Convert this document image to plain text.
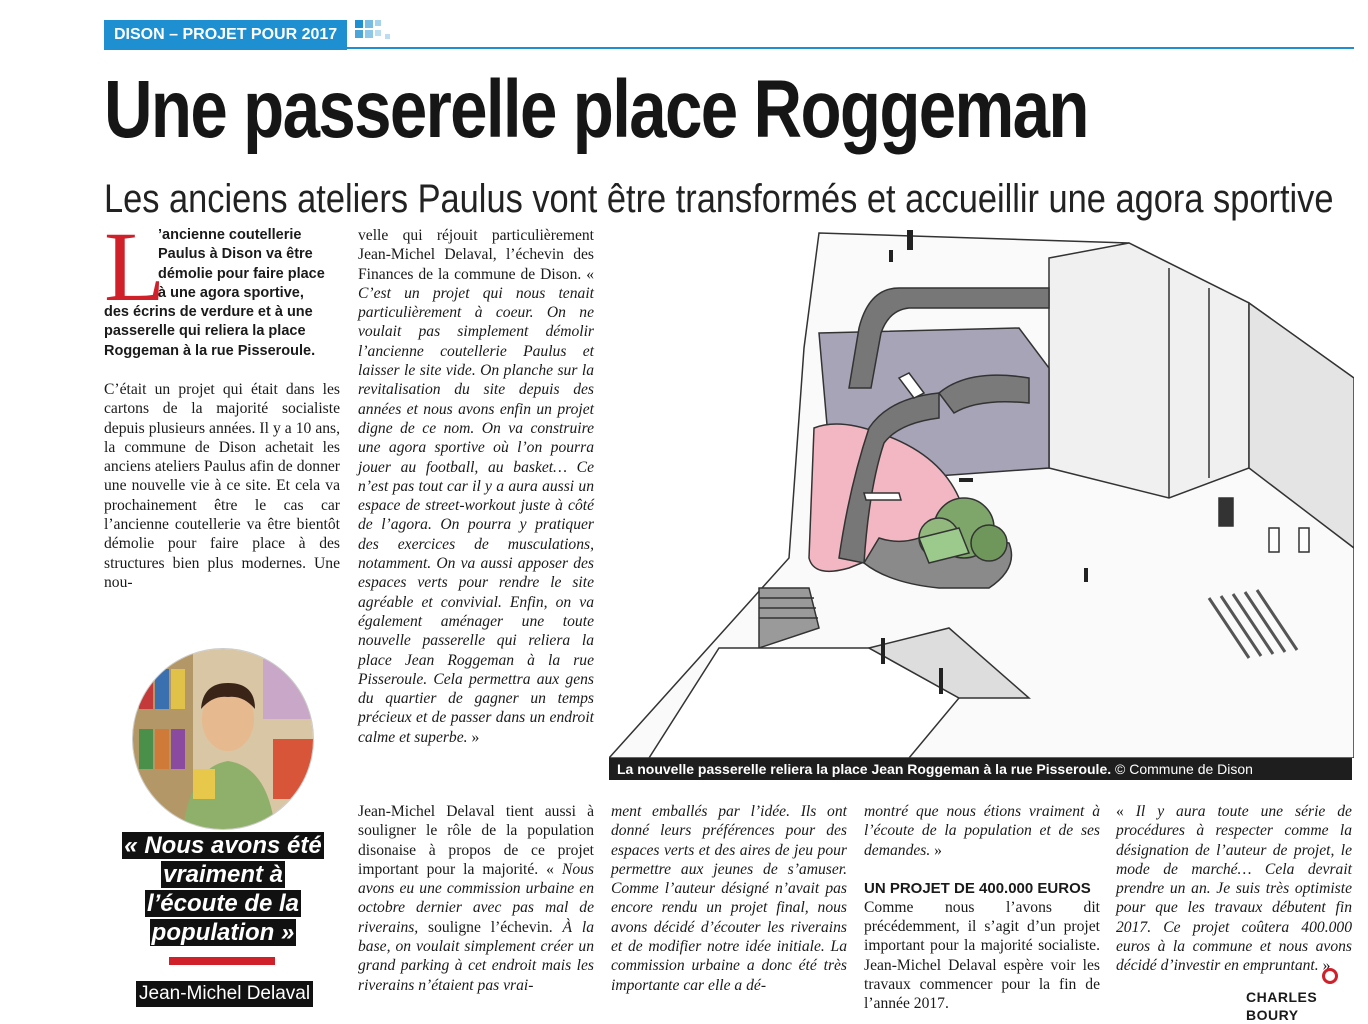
DISON – PROJET POUR 2017
Une passerelle place Roggeman
Les anciens ateliers Paulus vont être transformés et accueillir une agora sportive
L
’ancienne coutellerie Paulus à Dison va être démolie pour faire place à une agora sportive,
des écrins de verdure et à une passerelle qui reliera la place Roggeman à la rue Pisseroule.

C’était un projet qui était dans les cartons de la majorité socialiste depuis plusieurs années. Il y a 10 ans, la commune de Dison achetait les anciens ateliers Paulus afin de donner une nouvelle vie à ce site. Et cela va prochainement être le cas car l’ancienne coutellerie va être bientôt démolie pour faire place à des structures bien plus modernes. Une nou-

velle qui réjouit particulièrement Jean-Michel Delaval, l’échevin des Finances de la commune de Dison. « C’est un projet qui nous tenait particulièrement à coeur. On ne voulait pas simplement démolir l’ancienne coutellerie Paulus et laisser le site vide. On planche sur la revitalisation du site depuis des années et nous avons enfin un projet digne de ce nom. On va construire une agora sportive où l’on pourra jouer au football, au basket… Ce n’est pas tout car il y a aura aussi un espace de street-workout juste à côté de l’agora. On pourra y pratiquer des exercices de musculations, notamment. On va aussi apposer des espaces verts pour rendre le site agréable et convivial. Enfin, on va également aménager une toute nouvelle passerelle qui reliera la place Jean Roggeman à la rue Pisseroule. Cela permettra aux gens du quartier de gagner un temps précieux et de passer dans un endroit calme et superbe. »

Jean-Michel Delaval tient aussi à souligner le rôle de la population disonaise à propos de ce projet important pour la majorité. « Nous avons eu une commission urbaine en octobre dernier avec pas mal de riverains, souligne l’échevin. À la base, on voulait simplement créer un grand parking à cet endroit mais les riverains n’étaient pas vrai-

ment emballés par l’idée. Ils ont donné leurs préférences pour des espaces verts et des aires de jeu pour permettre aux jeunes de s’amuser. Comme l’auteur désigné n’avait pas encore rendu un projet final, nous avons décidé d’écouter les riverains et de modifier notre idée initiale. La commission urbaine a donc été très importante car elle a dé-

montré que nous étions vraiment à l’écoute de la population et de ses demandes. »

UN PROJET DE 400.000 EUROS

Comme nous l’avons dit précédemment, il s’agit d’un projet important pour la majorité socialiste. Jean-Michel Delaval espère voir les travaux commencer pour la fin de l’année 2017.

« Il y aura toute une série de procédures à respecter comme la désignation de l’auteur de projet, le mode de marché… Cela devrait prendre un an. Je suis très optimiste pour que les travaux débutent fin 2017. Ce projet coûtera 400.000 euros à la commune et nous avons décidé d’investir en empruntant. »

CHARLES BOURY
La nouvelle passerelle reliera la place Jean Roggeman à la rue Pisseroule. © Commune de Dison
« Nous avons été
vraiment à
l’écoute de la
population »
Jean-Michel Delaval
